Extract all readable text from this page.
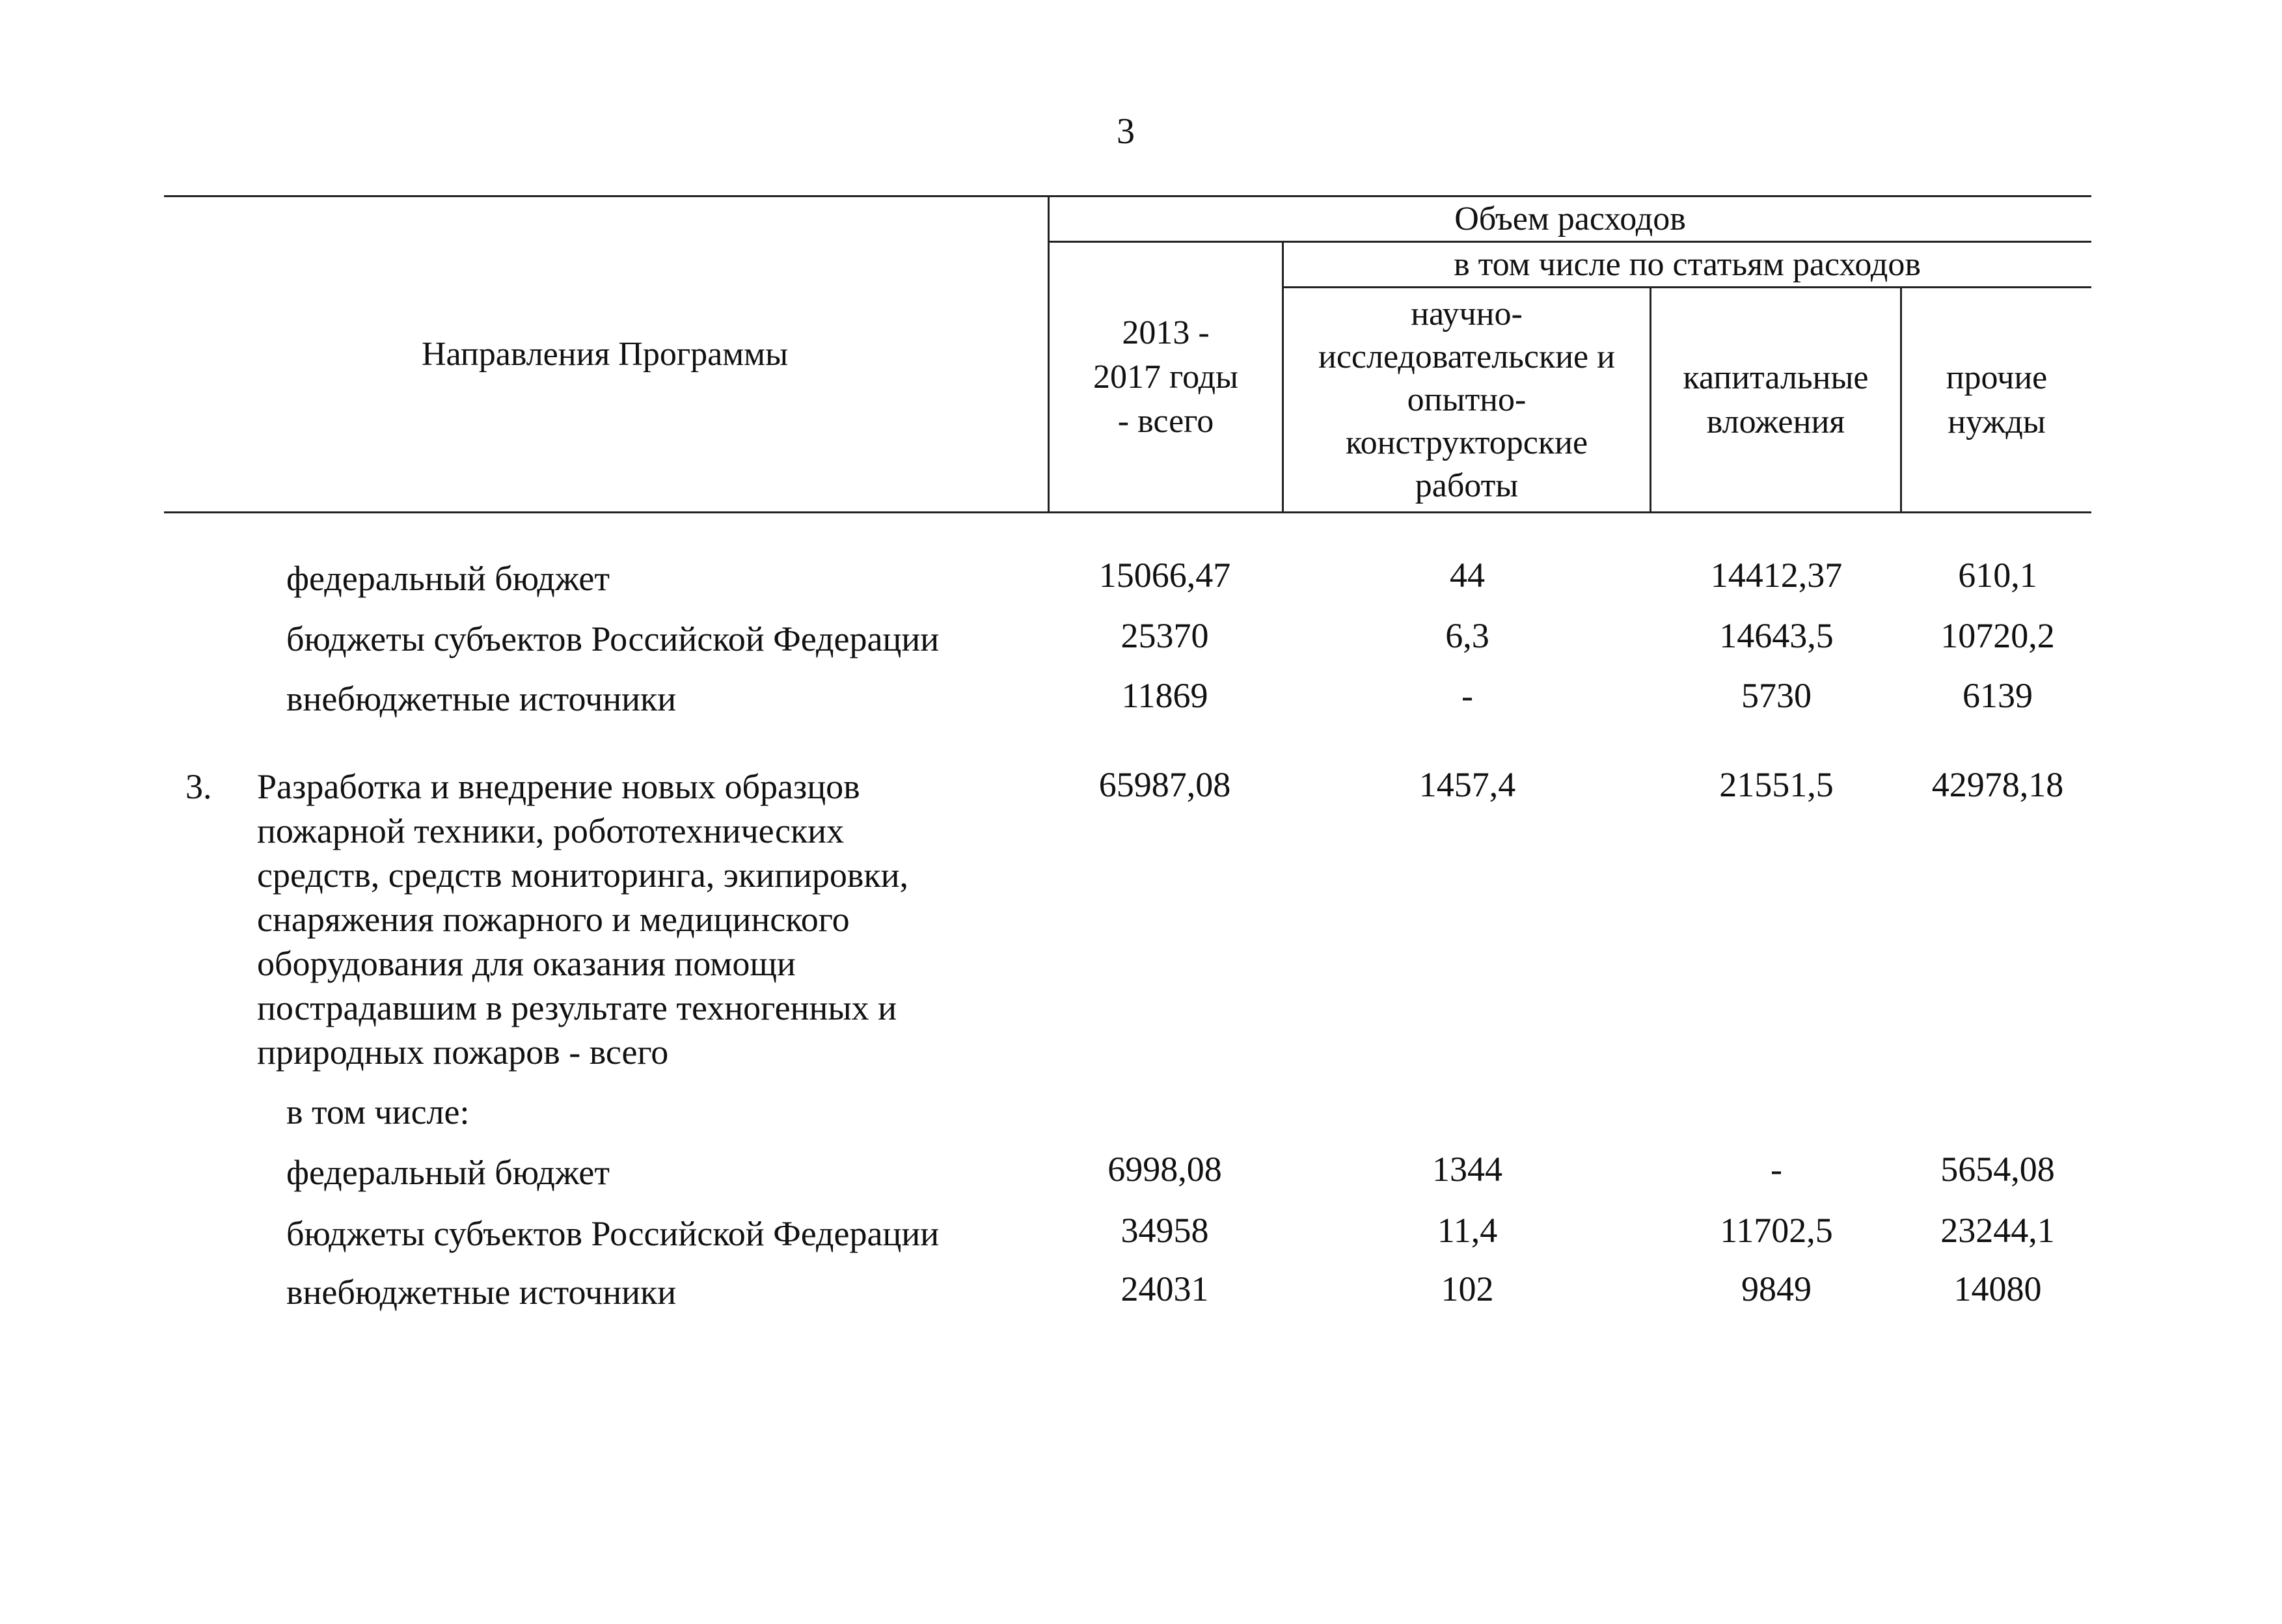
3
Направления Программы
Объем расходов
2013 - 2017 годы - всего
в том числе по статьям расходов
научно-исследовательские и опытно-конструкторские работы
капитальные вложения
прочие нужды
федеральный бюджет	15066,47	44	14412,37	610,1
бюджеты субъектов Российской Федерации	25370	6,3	14643,5	10720,2
внебюджетные источники	11869	-	5730	6139
3. Разработка и внедрение новых образцов
пожарной техники, робототехнических
средств, средств мониторинга, экипировки,
снаряжения пожарного и медицинского
оборудования для оказания помощи
пострадавшим в результате техногенных и
природных пожаров - всего
65987,08	1457,4	21551,5	42978,18
в том числе:
федеральный бюджет	6998,08	1344	-	5654,08
бюджеты субъектов Российской Федерации	34958	11,4	11702,5	23244,1
внебюджетные источники	24031	102	9849	14080
